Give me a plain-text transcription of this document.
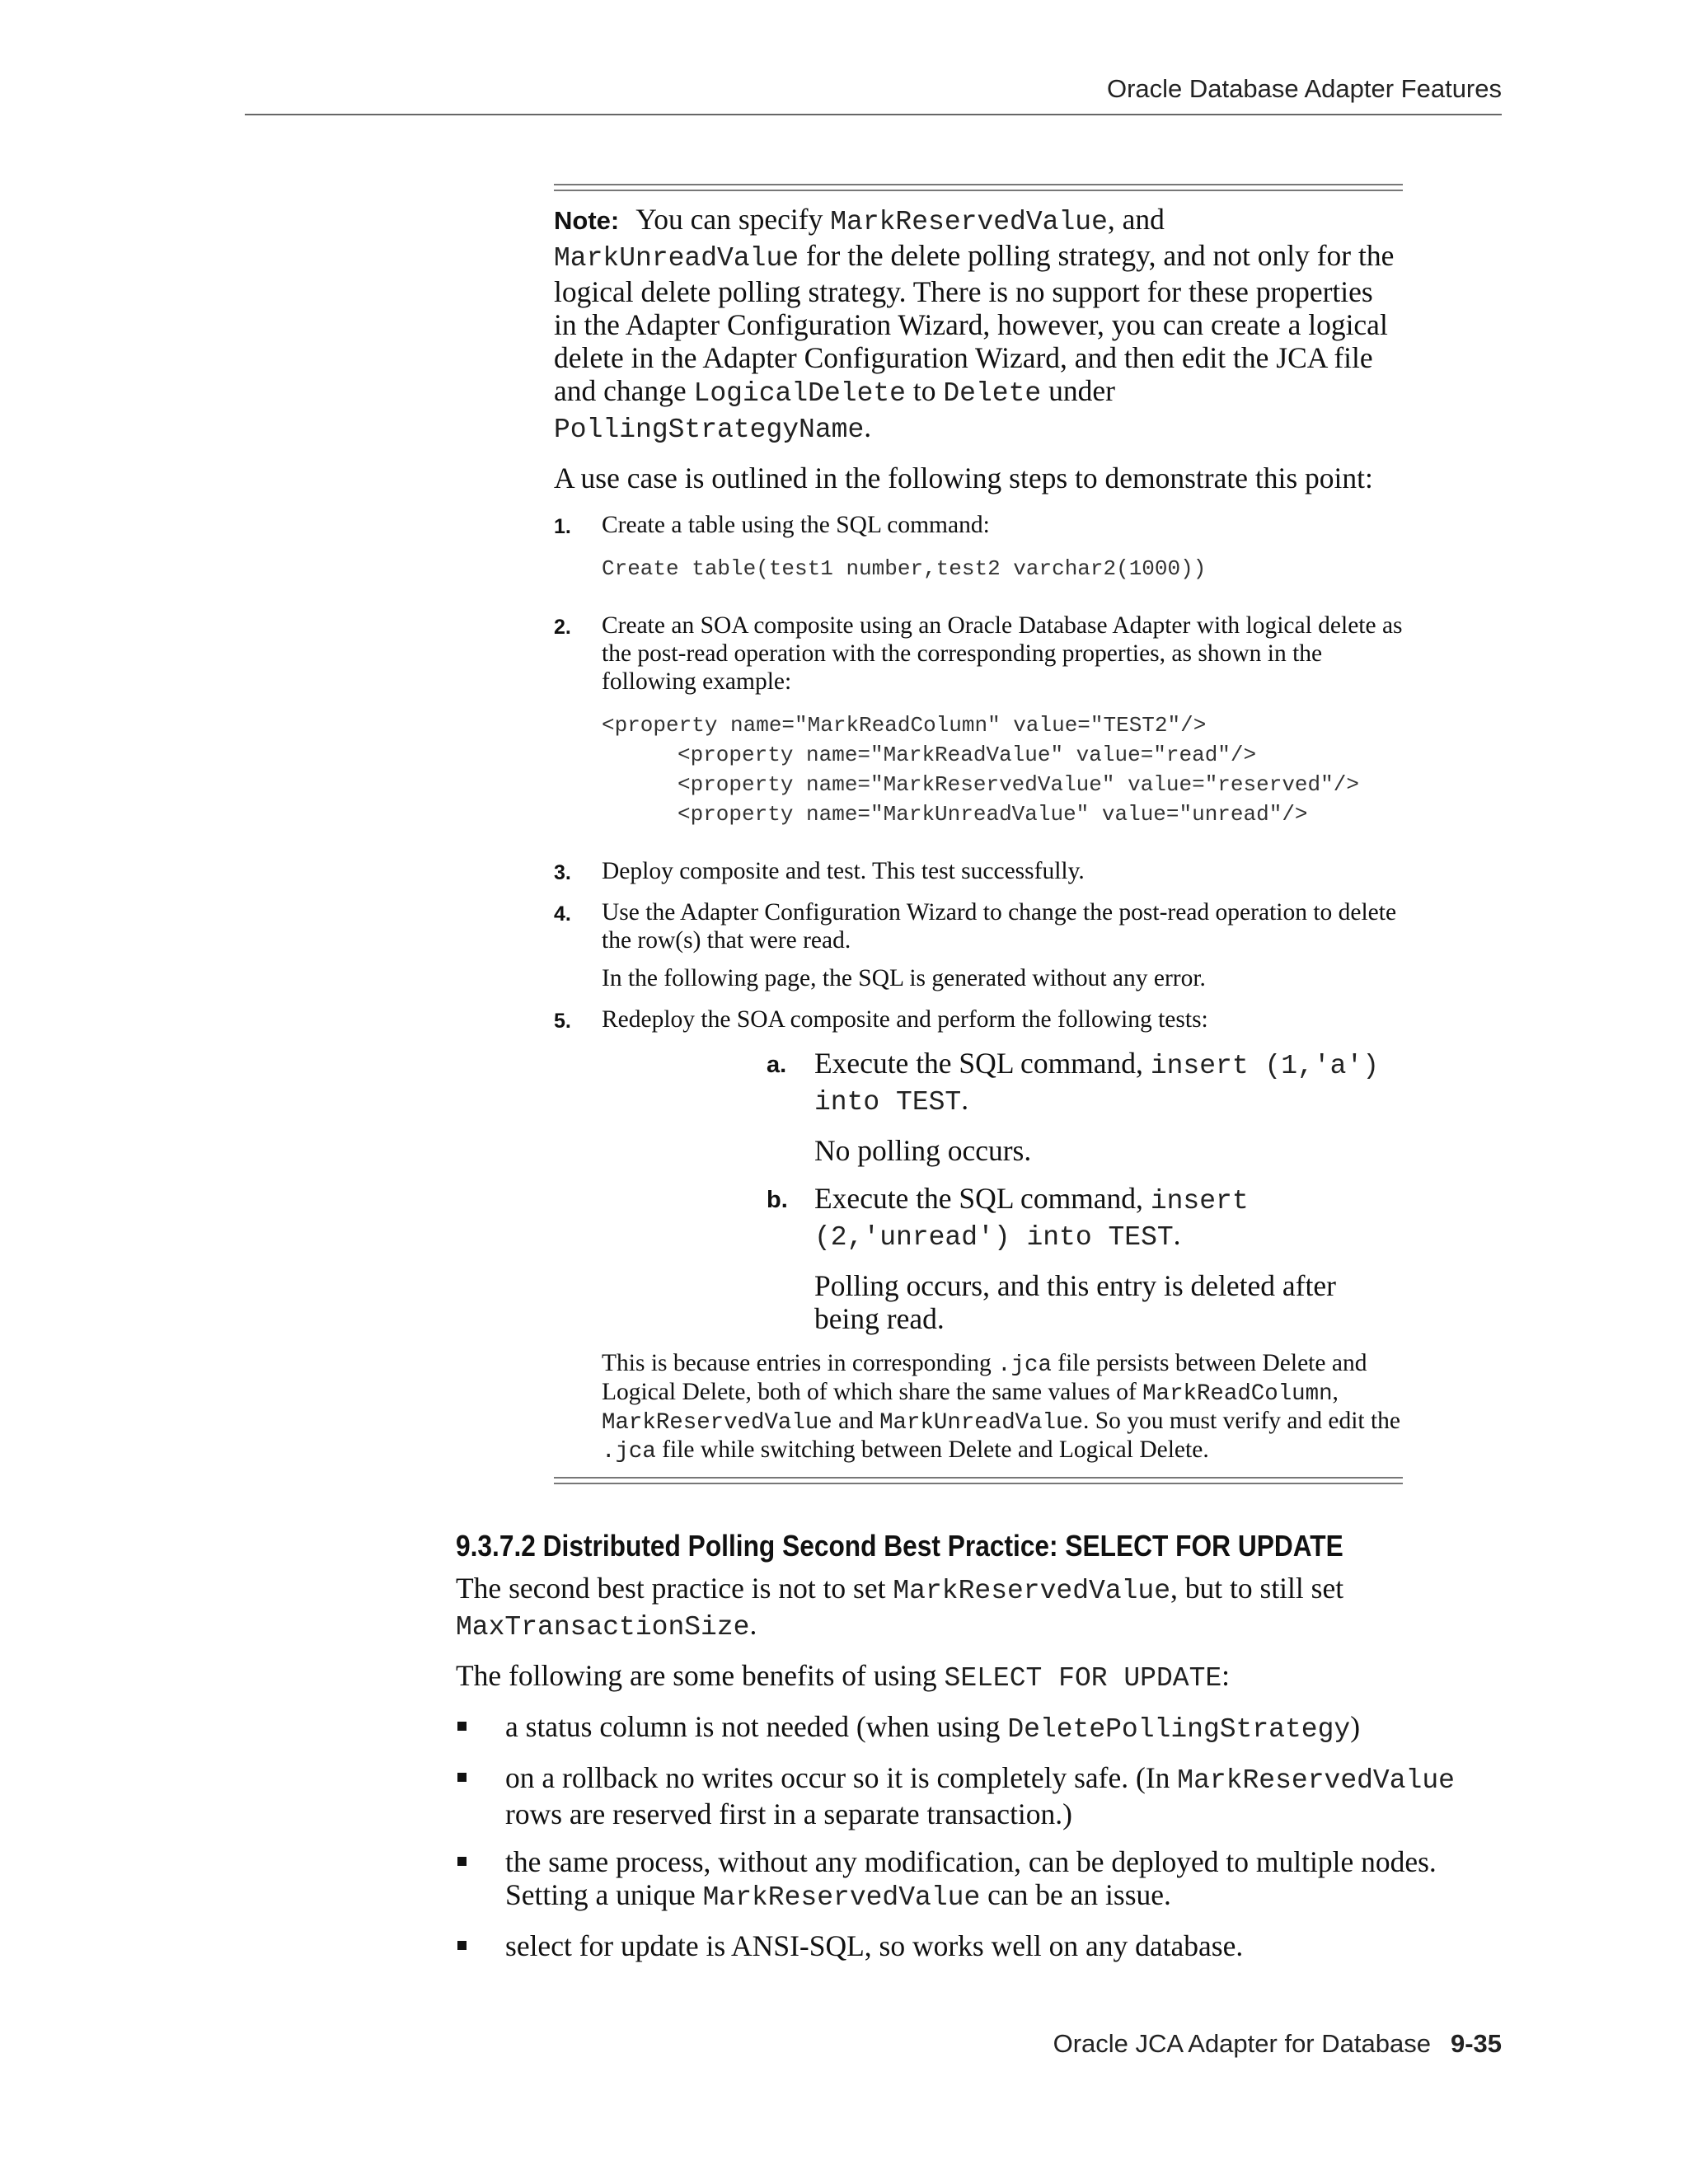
Oracle Database Adapter Features

Note: You can specify MarkReservedValue, and MarkUnreadValue for the delete polling strategy, and not only for the logical delete polling strategy. There is no support for these properties in the Adapter Configuration Wizard, however, you can create a logical delete in the Adapter Configuration Wizard, and then edit the JCA file and change LogicalDelete to Delete under PollingStrategyName.

A use case is outlined in the following steps to demonstrate this point:

1. Create a table using the SQL command:
Create table(test1 number,test2 varchar2(1000))
2. Create an SOA composite using an Oracle Database Adapter with logical delete as the post-read operation with the corresponding properties, as shown in the following example:
<property name="MarkReadColumn" value="TEST2"/>
<property name="MarkReadValue" value="read"/>
<property name="MarkReservedValue" value="reserved"/>
<property name="MarkUnreadValue" value="unread"/>
3. Deploy composite and test. This test successfully.
4. Use the Adapter Configuration Wizard to change the post-read operation to delete the row(s) that were read.
In the following page, the SQL is generated without any error.
5. Redeploy the SOA composite and perform the following tests:
a. Execute the SQL command, insert (1,'a') into TEST.
No polling occurs.
b. Execute the SQL command, insert (2,'unread') into TEST.
Polling occurs, and this entry is deleted after being read.

This is because entries in corresponding .jca file persists between Delete and Logical Delete, both of which share the same values of MarkReadColumn, MarkReservedValue and MarkUnreadValue. So you must verify and edit the .jca file while switching between Delete and Logical Delete.

9.3.7.2 Distributed Polling Second Best Practice: SELECT FOR UPDATE

The second best practice is not to set MarkReservedValue, but to still set MaxTransactionSize.

The following are some benefits of using SELECT FOR UPDATE:

a status column is not needed (when using DeletePollingStrategy)
on a rollback no writes occur so it is completely safe. (In MarkReservedValue rows are reserved first in a separate transaction.)
the same process, without any modification, can be deployed to multiple nodes. Setting a unique MarkReservedValue can be an issue.
select for update is ANSI-SQL, so works well on any database.
Oracle JCA Adapter for Database 9-35
